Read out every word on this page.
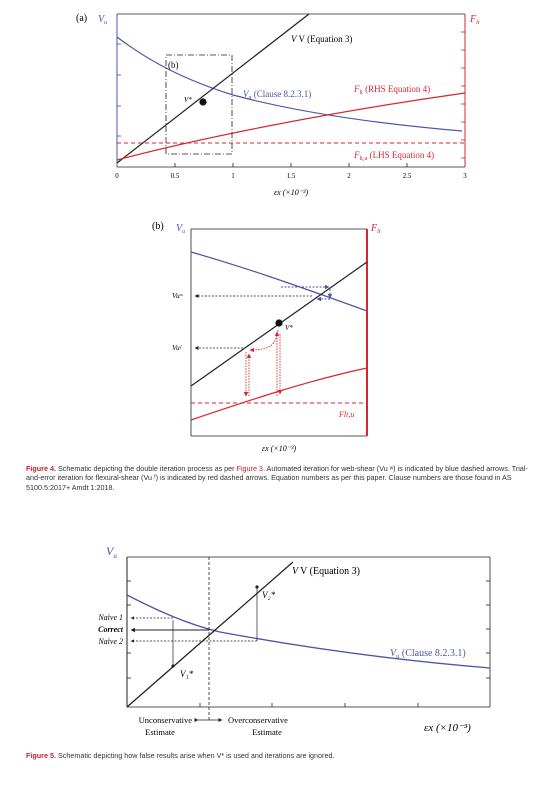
(a) $V_u$	$F_{lt}$
0	0.5	1	1.5	2	2.5	3
εx (×10⁻³)
(b)
V*
V V (Equation 3)
$V_u$ (Clause 8.2.3.1)	$F_{lt}$ (RHS Equation 4)
$F_{lt,u}$ (LHS Equation 4)
(b) $V_u$	$F_{lt}$
Vuʷ
Vuᶠ
V*
Flt,u
εx (×10⁻³)
$V_u$
V₁*
V₂*
Naïve 1
Correct
Naïve 2
V V (Equation 3)
$V_u$ (Clause 8.2.3.1)
Unconservative
Estimate
Overconservative
Estimate	εx (×10⁻³)
Figure 4. Schematic depicting the double iteration process as per Figure 3. Automated iteration for web-shear (Vu ʷ) is indicated by blue dashed arrows. Trial-and-error iteration for flexural-shear (Vu ᶠ) is indicated by red dashed arrows. Equation numbers as per this paper. Clause numbers are those found in AS 5100.5:2017+ Amdt 1:2018.
Figure 5. Schematic depicting how false results arise when V* is used and iterations are ignored.
